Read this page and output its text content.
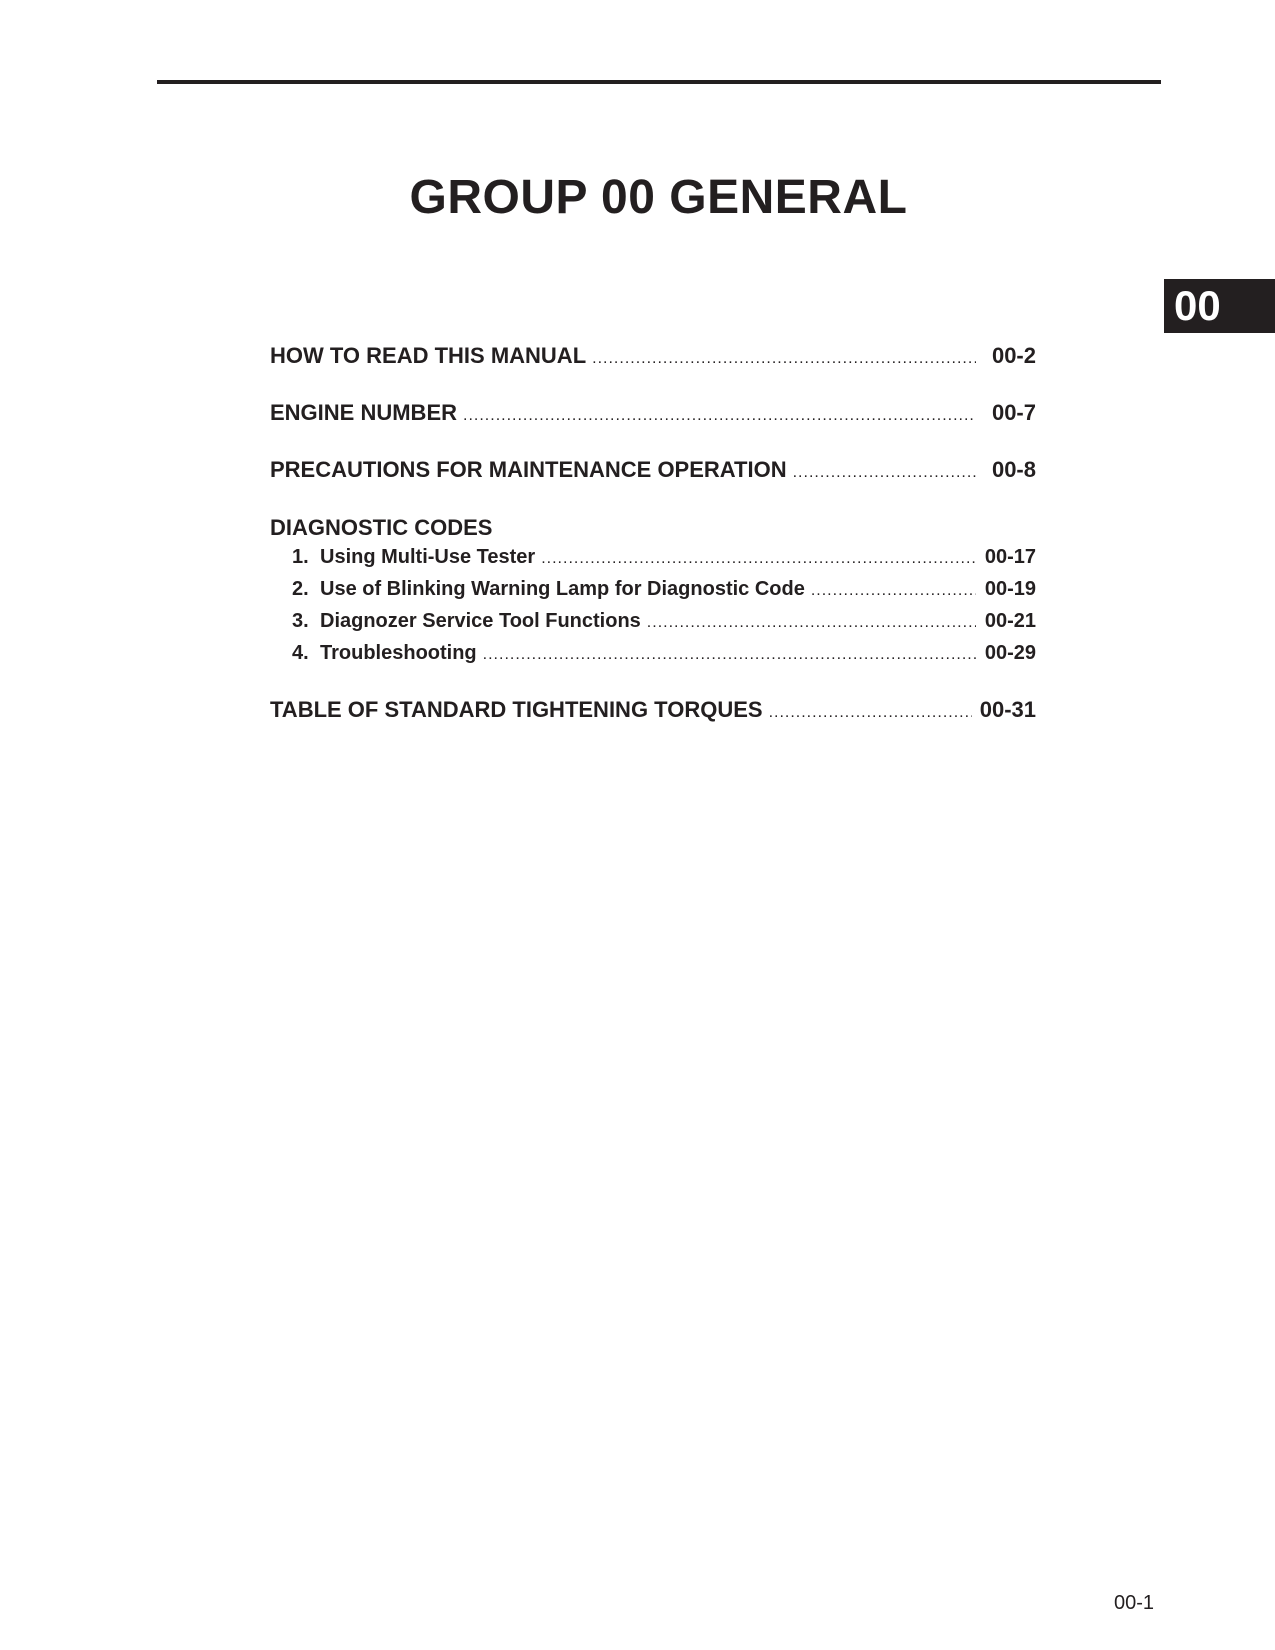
GROUP 00 GENERAL
00
HOW TO READ THIS MANUAL .....	00-2
ENGINE NUMBER .....	00-7
PRECAUTIONS FOR MAINTENANCE OPERATION .....	00-8
DIAGNOSTIC CODES
1. Using Multi-Use Tester .....	00-17
2. Use of Blinking Warning Lamp for Diagnostic Code .....	00-19
3. Diagnozer Service Tool Functions .....	00-21
4. Troubleshooting .....	00-29
TABLE OF STANDARD TIGHTENING TORQUES .....	00-31
00-1
